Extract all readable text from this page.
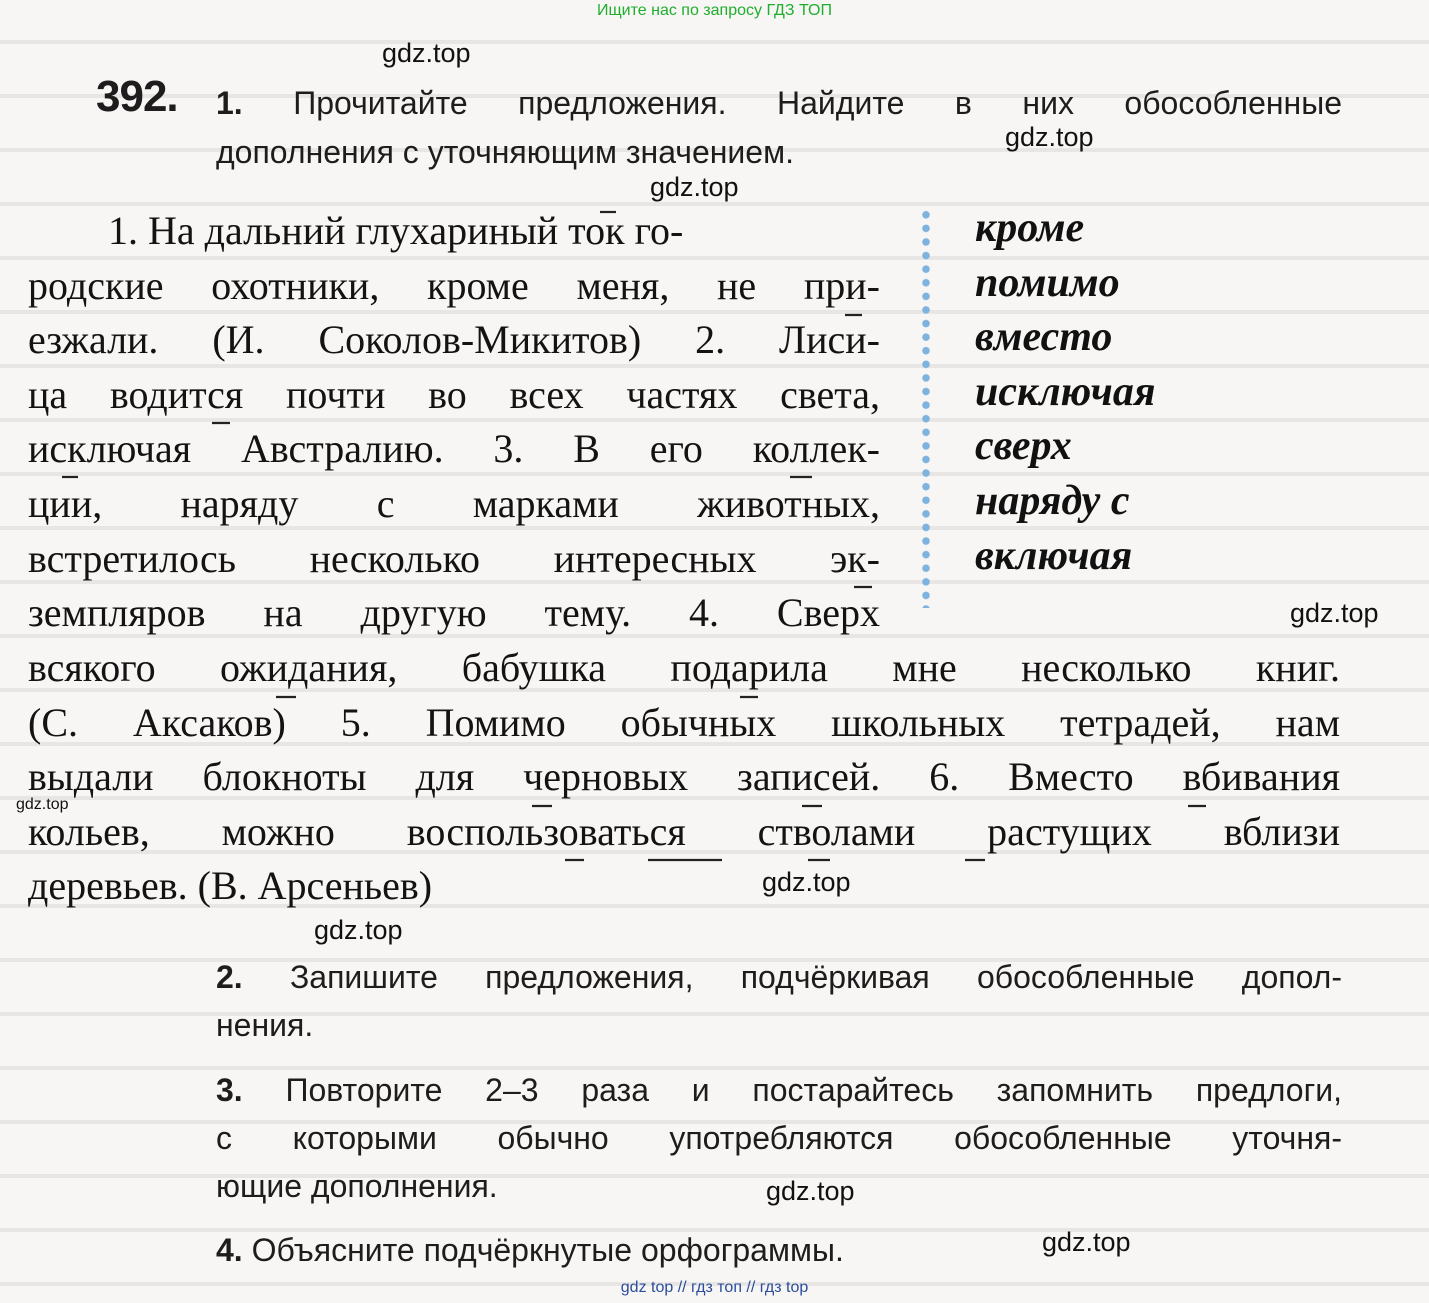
Ищите нас по запросу ГДЗ ТОП
392. 1. Прочитайте предложения. Найдите в них обособленные
дополнения с уточняющим значением.
1. На дальний глухариный ток го-
родские охотники, кроме меня, не при-
езжали. (И. Соколов-Микитов) 2. Лиси-
ца водится почти во всех частях света,
исключая Австралию. 3. В его коллек-
ции, наряду с марками животных,
встретилось несколько интересных эк-
земпляров на другую тему. 4. Сверх
всякого ожидания, бабушка подарила мне несколько книг.
(С. Аксаков) 5. Помимо обычных школьных тетрадей, нам
выдали блокноты для черновых записей. 6. Вместо вбивания
кольев, можно воспользоваться стволами растущих вблизи
деревьев. (В. Арсеньев)
кроме
помимо
вместо
исключая
сверх
наряду с
включая
2. Запишите предложения, подчёркивая обособленные допол-
нения.
3. Повторите 2–3 раза и постарайтесь запомнить предлоги,
с которыми обычно употребляются обособленные уточня-
ющие дополнения.
4. Объясните подчёркнутые орфограммы.
gdz.top
gdz.top
gdz.top
gdz.top
gdz.top
gdz.top
gdz.top
gdz.top
gdz.top
gdz top // гдз топ // гдз top
